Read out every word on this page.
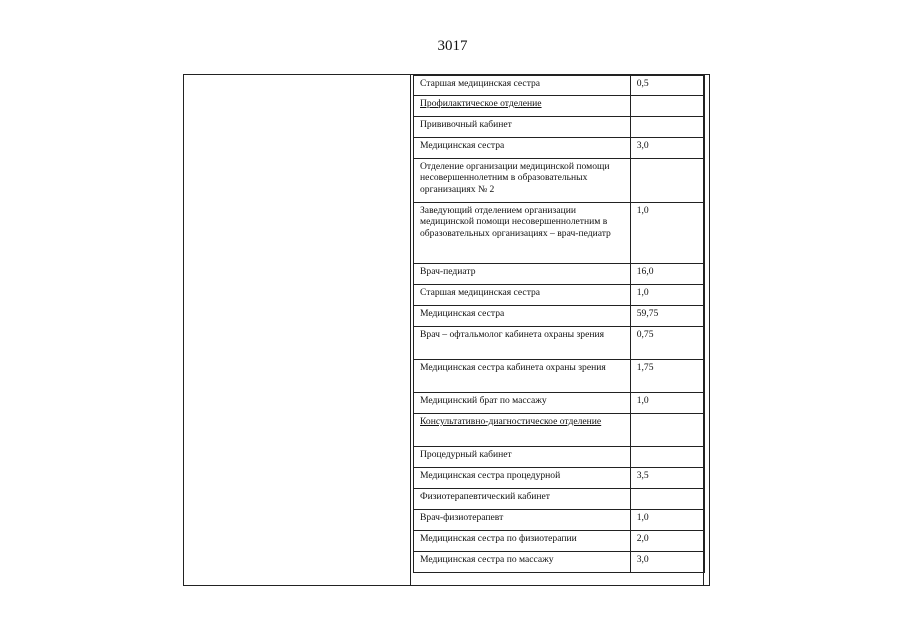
3017
Старшая медицинская сестра	0,5
Профилактическое отделение	
Прививочный кабинет	
Медицинская сестра	3,0
Отделение организации медицинской помощи несовершеннолетним в образовательных организациях № 2	
Заведующий отделением организации медицинской помощи несовершеннолетним в образовательных организациях – врач-педиатр	1,0
Врач-педиатр	16,0
Старшая медицинская сестра	1,0
Медицинская сестра	59,75
Врач – офтальмолог кабинета охраны зрения	0,75
Медицинская сестра кабинета охраны зрения	1,75
Медицинский брат по массажу	1,0
Консультативно-диагностическое отделение	
Процедурный кабинет	
Медицинская сестра процедурной	3,5
Физиотерапевтический кабинет	
Врач-физиотерапевт	1,0
Медицинская сестра по физиотерапии	2,0
Медицинская сестра по массажу	3,0
